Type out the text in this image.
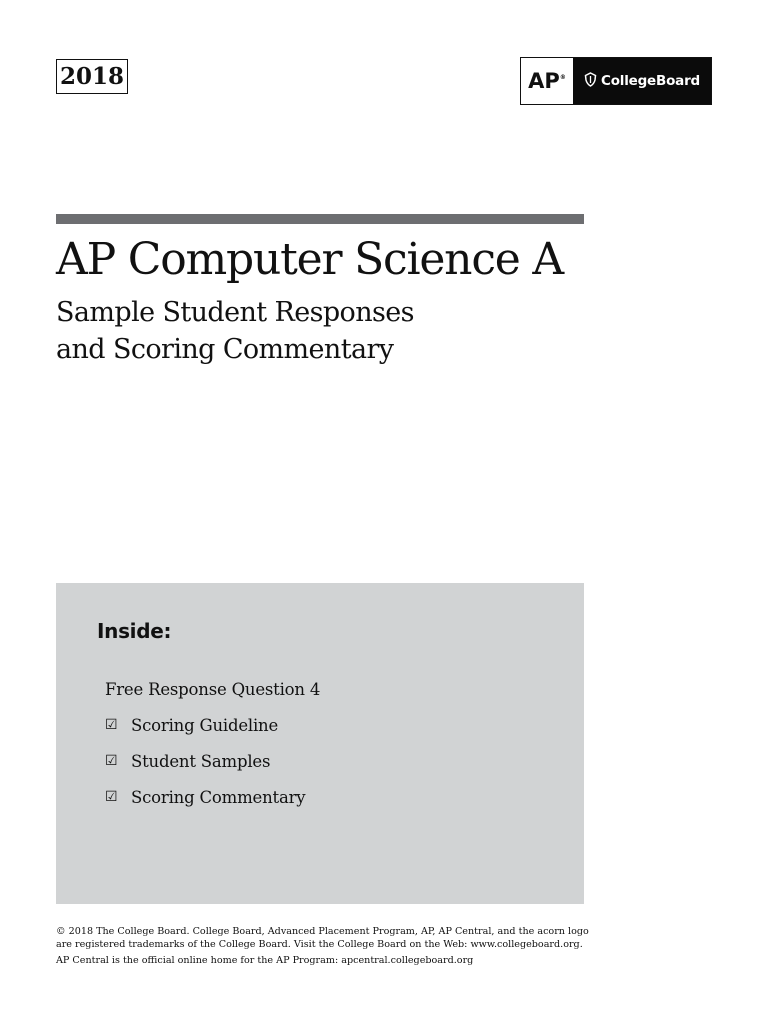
2018	AP ®	CollegeBoard
AP Computer Science A
Sample Student Responses
and Scoring Commentary
Inside:
Free Response Question 4
☑ Scoring Guideline
☑ Student Samples
☑ Scoring Commentary
© 2018 The College Board. College Board, Advanced Placement Program, AP, AP Central, and the acorn logo
are registered trademarks of the College Board. Visit the College Board on the Web: www.collegeboard.org.
AP Central is the official online home for the AP Program: apcentral.collegeboard.org
